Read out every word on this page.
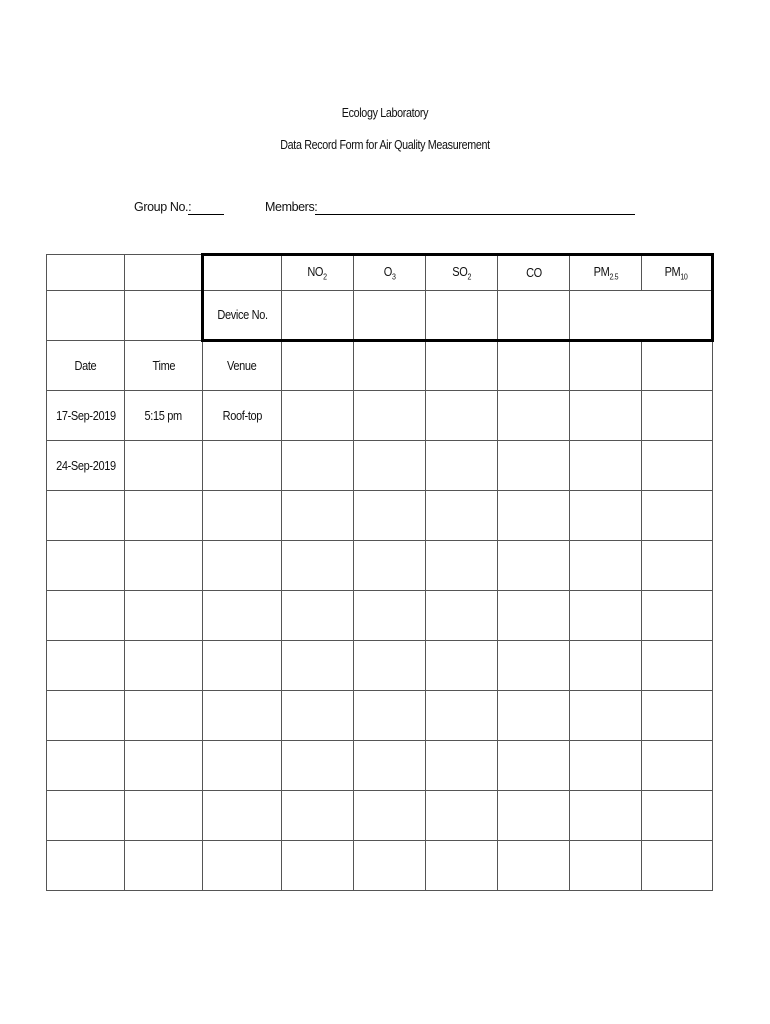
Ecology Laboratory
Data Record Form for Air Quality Measurement
Group No.:	Members:
			$NO_2$	$O_3$	$SO_2$	CO	$PM_{2.5}$	$PM_{10}$
		Device No.						
Date	Time	Venue						
17-Sep-2019	5:15 pm	Roof-top						
24-Sep-2019								
